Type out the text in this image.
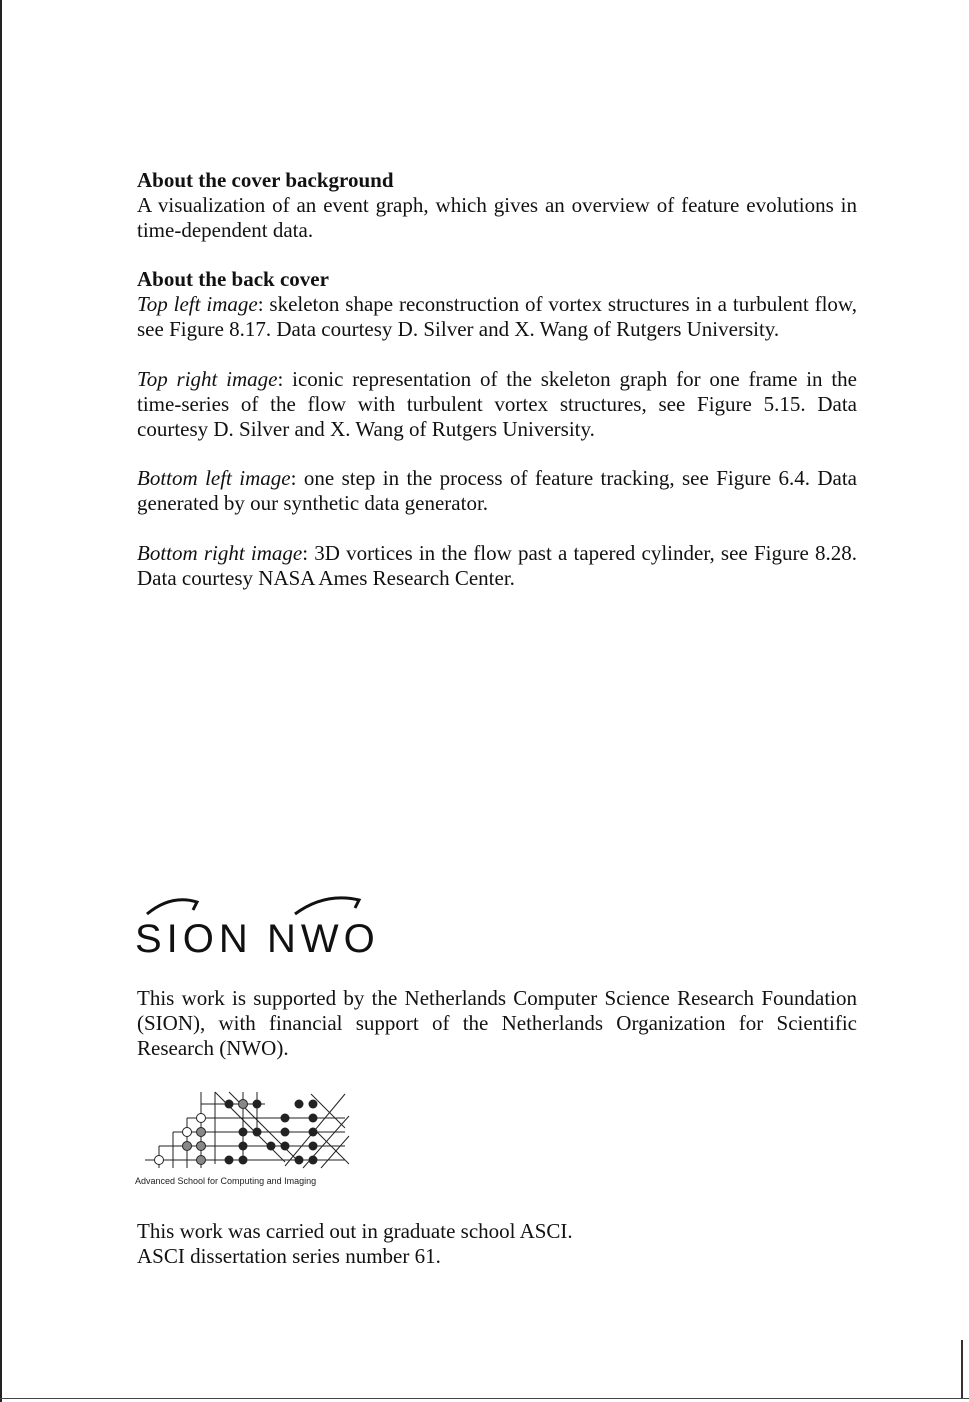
About the cover background

A visualization of an event graph, which gives an overview of feature evolutions in time-dependent data.

About the back cover

Top left image: skeleton shape reconstruction of vortex structures in a turbulent flow, see Figure 8.17. Data courtesy D. Silver and X. Wang of Rutgers University.

Top right image: iconic representation of the skeleton graph for one frame in the time-series of the flow with turbulent vortex structures, see Figure 5.15. Data courtesy D. Silver and X. Wang of Rutgers University.

Bottom left image: one step in the process of feature tracking, see Figure 6.4. Data generated by our synthetic data generator.

Bottom right image: 3D vortices in the flow past a tapered cylinder, see Figure 8.28. Data courtesy NASA Ames Research Center.

SION NWO

This work is supported by the Netherlands Computer Science Research Foundation (SION), with financial support of the Netherlands Organization for Scientific Research (NWO).

Advanced School for Computing and Imaging

This work was carried out in graduate school ASCI.

ASCI dissertation series number 61.
